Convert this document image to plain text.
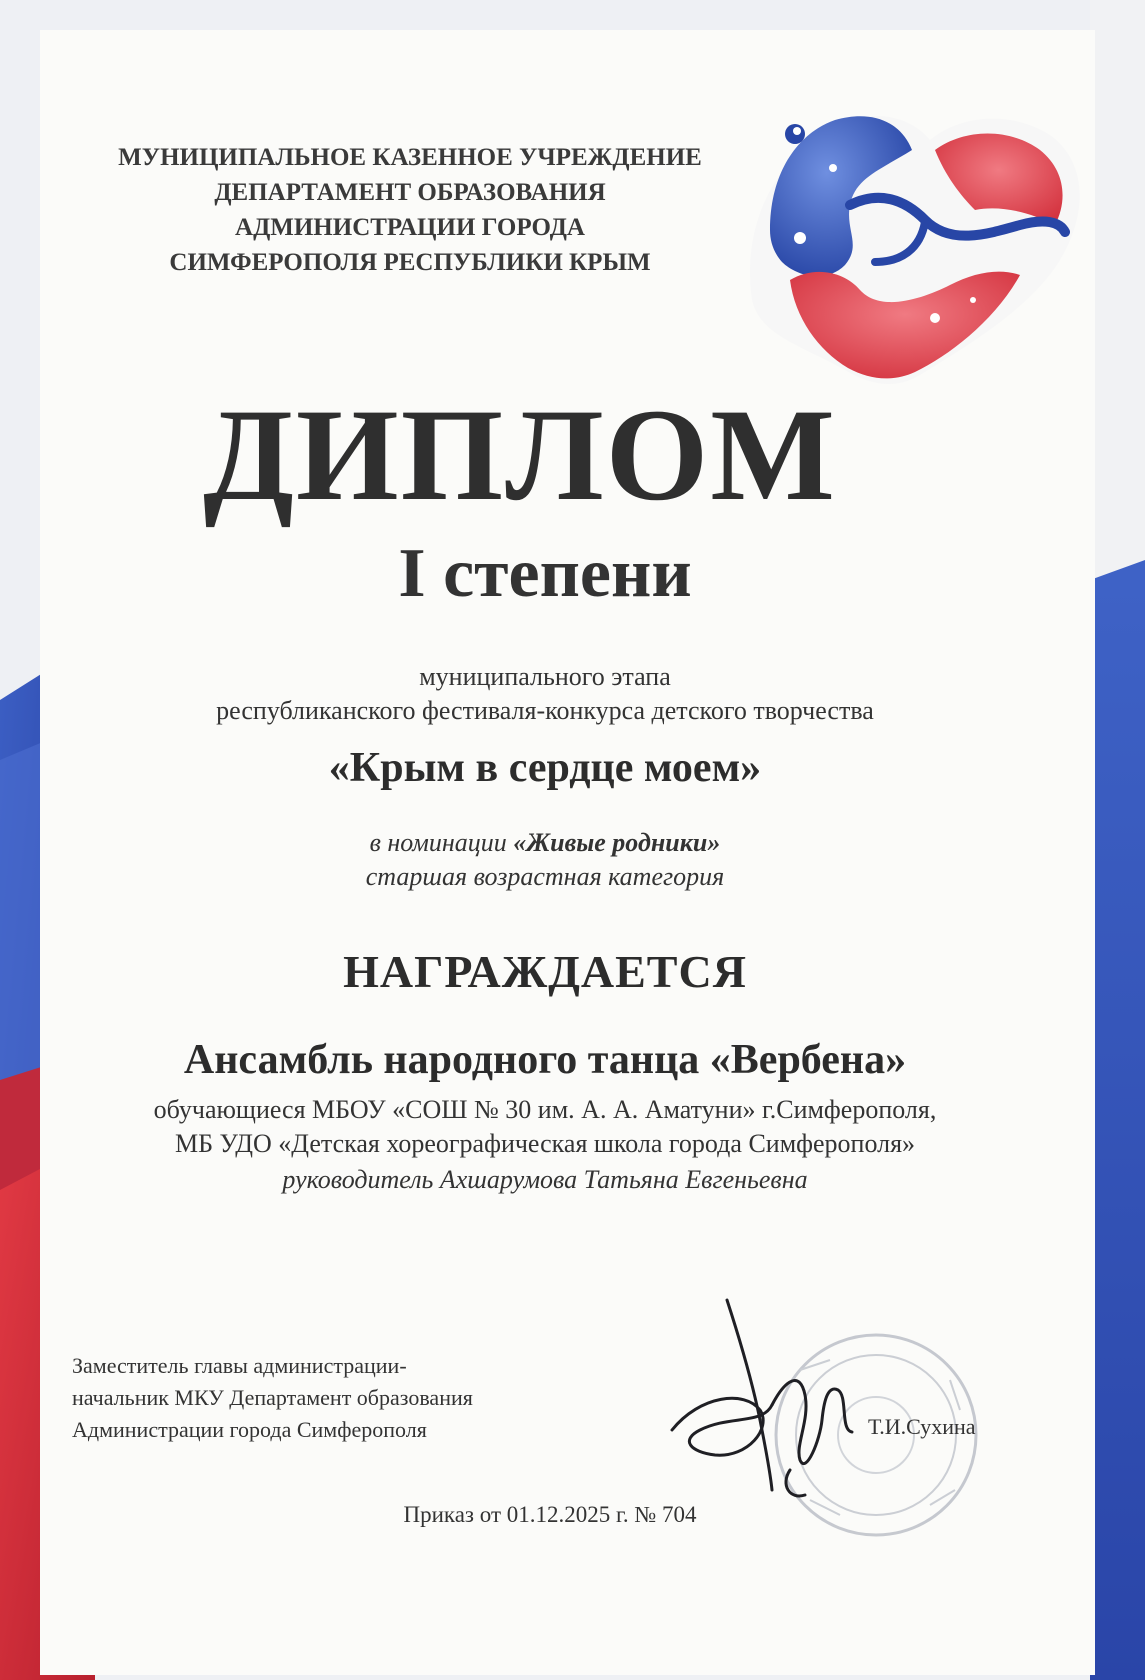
МУНИЦИПАЛЬНОЕ КАЗЕННОЕ УЧРЕЖДЕНИЕ
ДЕПАРТАМЕНТ ОБРАЗОВАНИЯ
АДМИНИСТРАЦИИ ГОРОДА
СИМФЕРОПОЛЯ РЕСПУБЛИКИ КРЫМ
ДИПЛОМ
I степени
муниципального этапа
республиканского фестиваля-конкурса детского творчества
«Крым в сердце моем»
в номинации «Живые родники»
старшая возрастная категория
НАГРАЖДАЕТСЯ
Ансамбль народного танца «Вербена»
обучающиеся МБОУ «СОШ № 30 им. А. А. Аматуни» г.Симферополя,
МБ УДО «Детская хореографическая школа города Симферополя»
руководитель Ахшарумова Татьяна Евгеньевна
Заместитель главы администрации-
начальник МКУ Департамент образования
Администрации города Симферополя	Т.И.Сухина
Приказ от 01.12.2025 г. № 704
